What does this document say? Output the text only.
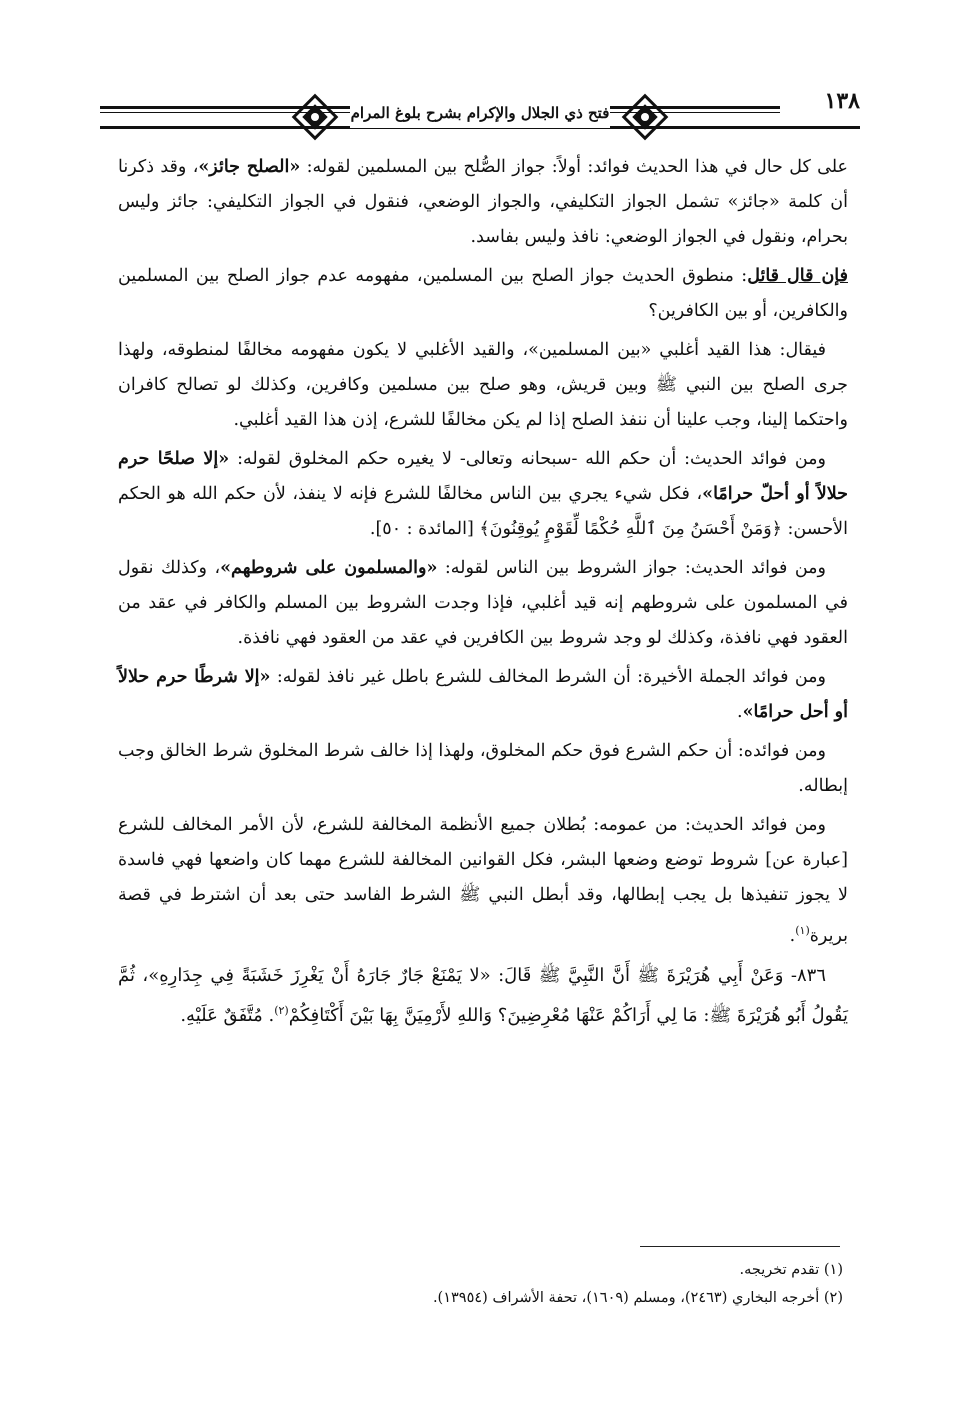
١٣٨
فتح ذي الجلال والإكرام بشرح بلوغ المرام

على كل حال في هذا الحديث فوائد: أولاً: جواز الصُّلح بين المسلمين لقوله: «الصلح جائز»، وقد ذكرنا أن كلمة «جائز» تشمل الجواز التكليفي، والجواز الوضعي، فنقول في الجواز التكليفي: جائز وليس بحرام، ونقول في الجواز الوضعي: نافذ وليس بفاسد.

فإن قال قائل: منطوق الحديث جواز الصلح بين المسلمين، مفهومه عدم جواز الصلح بين المسلمين والكافرين، أو بين الكافرين؟

فيقال: هذا القيد أغلبي «بين المسلمين»، والقيد الأغلبي لا يكون مفهومه مخالفًا لمنطوقه، ولهذا جرى الصلح بين النبي ﷺ وبين قريش، وهو صلح بين مسلمين وكافرين، وكذلك لو تصالح كافران واحتكما إلينا، وجب علينا أن ننفذ الصلح إذا لم يكن مخالفًا للشرع، إذن هذا القيد أغلبي.

ومن فوائد الحديث: أن حكم الله -سبحانه وتعالى- لا يغيره حكم المخلوق لقوله: «إلا صلحًا حرم حلالاً أو أحلّ حرامًا»، فكل شيء يجري بين الناس مخالفًا للشرع فإنه لا ينفذ، لأن حكم الله هو الحكم الأحسن: ﴿وَمَنْ أَحْسَنُ مِنَ ٱللَّهِ حُكْمًا لِّقَوْمٍ يُوقِنُونَ﴾ [المائدة : ٥٠].

ومن فوائد الحديث: جواز الشروط بين الناس لقوله: «والمسلمون على شروطهم»، وكذلك نقول في المسلمون على شروطهم إنه قيد أغلبي، فإذا وجدت الشروط بين المسلم والكافر في عقد من العقود فهي نافذة، وكذلك لو وجد شروط بين الكافرين في عقد من العقود فهي نافذة.

ومن فوائد الجملة الأخيرة: أن الشرط المخالف للشرع باطل غير نافذ لقوله: «إلا شرطًا حرم حلالاً أو أحل حرامًا».

ومن فوائده: أن حكم الشرع فوق حكم المخلوق، ولهذا إذا خالف شرط المخلوق شرط الخالق وجب إبطاله.

ومن فوائد الحديث: من عمومه: بُطلان جميع الأنظمة المخالفة للشرع، لأن الأمر المخالف للشرع [عبارة عن] شروط توضع وضعها البشر، فكل القوانين المخالفة للشرع مهما كان واضعها فهي فاسدة لا يجوز تنفيذها بل يجب إبطالها، وقد أبطل النبي ﷺ الشرط الفاسد حتى بعد أن اشترط في قصة بريرة$^{(١)}$.

٨٣٦- وَعَنْ أَبِي هُرَيْرَةَ ﷺ أَنَّ النَّبِيَّ ﷺ قَالَ: «لا يَمْنَعْ جَارٌ جَارَهُ أَنْ يَغْرِزَ خَشَبَةً فِي جِدَارِهِ»، ثُمَّ يَقُولُ أَبُو هُرَيْرَةَ ﷺ: مَا لِي أَرَاكُمْ عَنْهَا مُعْرِضِينَ؟ وَاللهِ لأَرْمِيَنَّ بِهَا بَيْنَ أَكْتَافِكُمْ$^{(٢)}$. مُتَّفَقٌ عَلَيْهِ.

(١) تقدم تخريجه.
(٢) أخرجه البخاري (٢٤٦٣)، ومسلم (١٦٠٩)، تحفة الأشراف (١٣٩٥٤).
